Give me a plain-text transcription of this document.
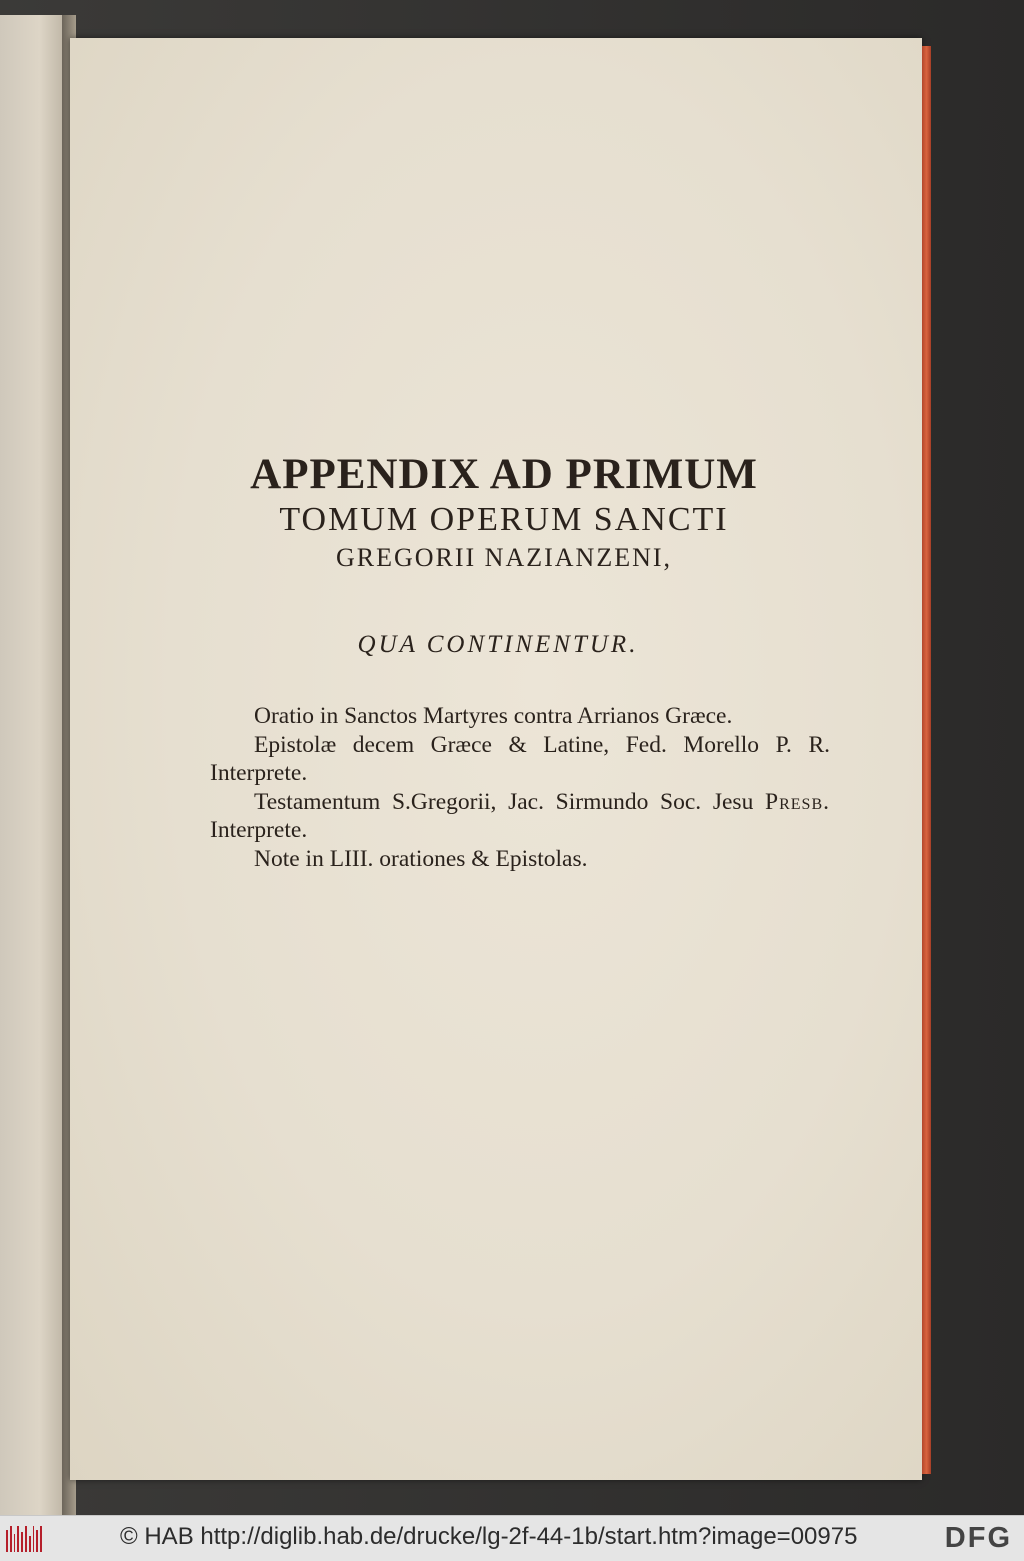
APPENDIX AD PRIMUM
TOMUM OPERUM SANCTI
GREGORII NAZIANZENI,
QUA CONTINENTUR.

Oratio in Sanctos Martyres contra Arrianos Græce.

Epistolæ decem Græce & Latine, Fed. Morello P. R. Interprete.

Testamentum S.Gregorii, Jac. Sirmundo Soc. Jesu Presb. Interprete.

Note in LIII. orationes & Epistolas.

© HAB http://diglib.hab.de/drucke/lg-2f-44-1b/start.htm?image=00975	DFG
